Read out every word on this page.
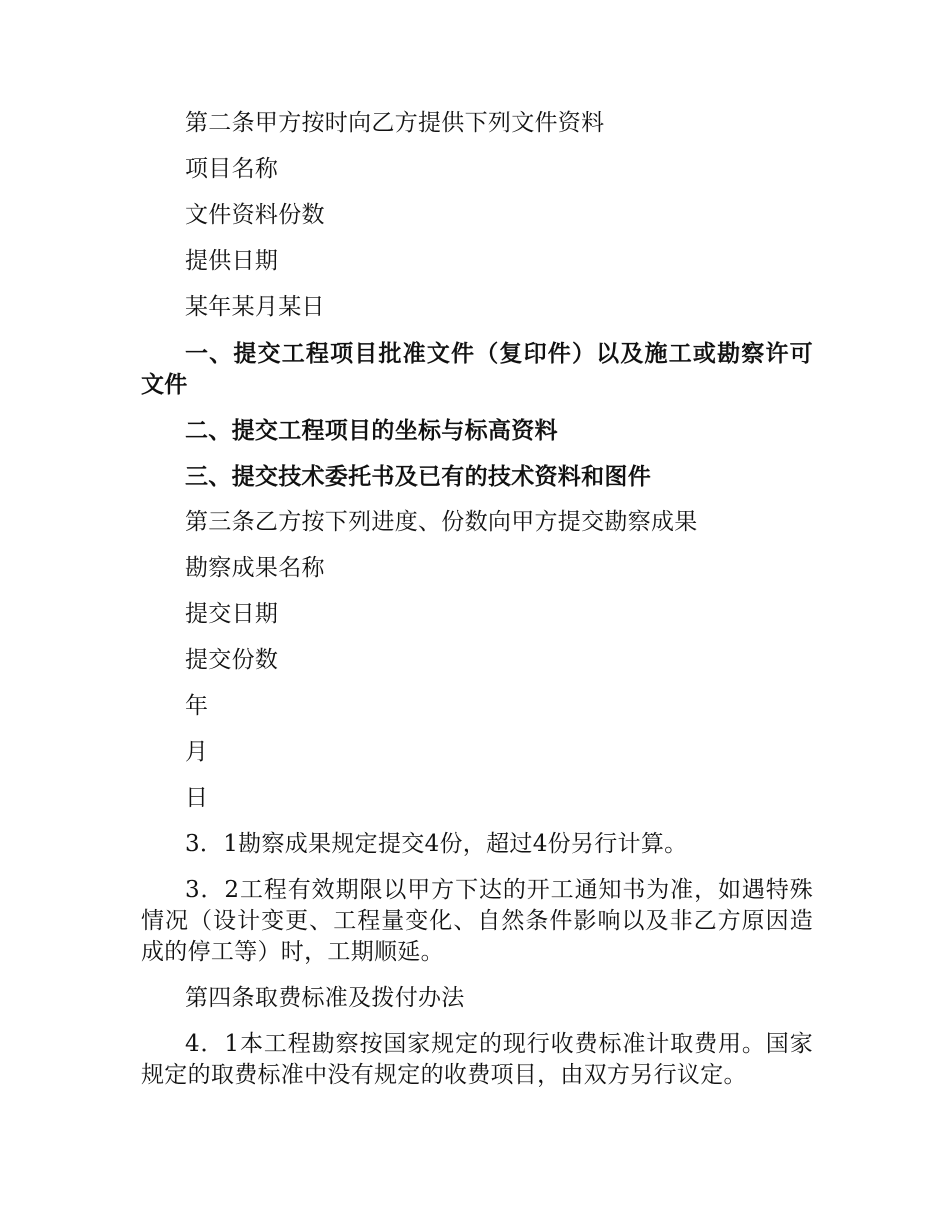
第二条甲方按时向乙方提供下列文件资料

项目名称

文件资料份数

提供日期

某年某月某日

一、提交工程项目批准文件（复印件）以及施工或勘察许可文件

二、提交工程项目的坐标与标高资料

三、提交技术委托书及已有的技术资料和图件

第三条乙方按下列进度、份数向甲方提交勘察成果

勘察成果名称

提交日期

提交份数

年

月

日

3．1勘察成果规定提交4份，超过4份另行计算。

3．2工程有效期限以甲方下达的开工通知书为准，如遇特殊情况（设计变更、工程量变化、自然条件影响以及非乙方原因造成的停工等）时，工期顺延。

第四条取费标准及拨付办法

4．1本工程勘察按国家规定的现行收费标准计取费用。国家规定的取费标准中没有规定的收费项目，由双方另行议定。
